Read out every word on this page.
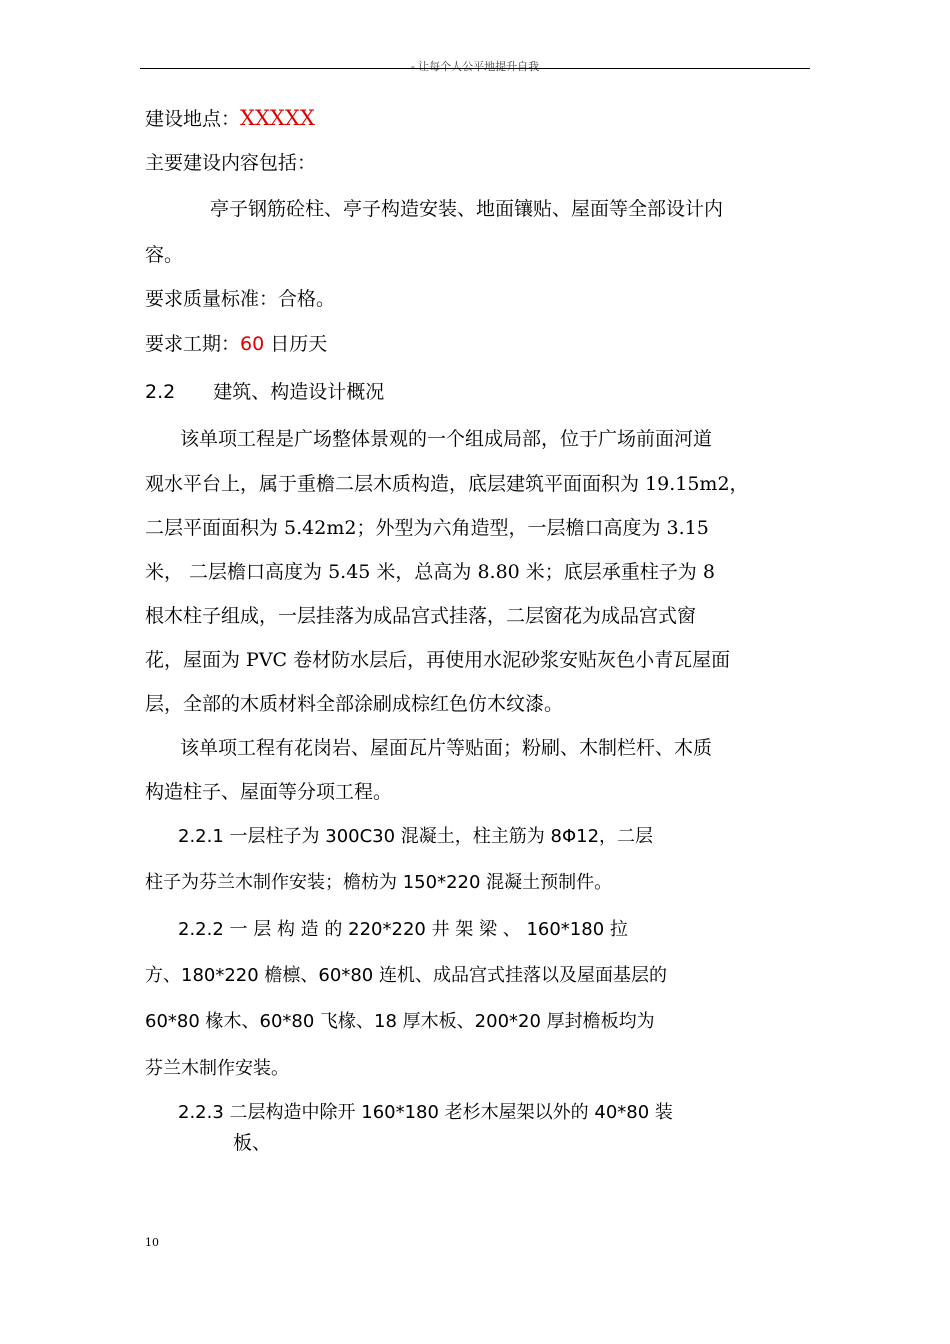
- 让每个人公平地提升自我
建设地点：XXXXX
主要建设内容包括：
亭子钢筋砼柱、亭子构造安装、地面镶贴、屋面等全部设计内
容。
要求质量标准：合格。
要求工期：60 日历天
2.2 建筑、构造设计概况
该单项工程是广场整体景观的一个组成局部，位于广场前面河道
观水平台上，属于重檐二层木质构造，底层建筑平面面积为 19.15m2，
二层平面面积为 5.42m2；外型为六角造型，一层檐口高度为 3.15
米， 二层檐口高度为 5.45 米，总高为 8.80 米；底层承重柱子为 8
根木柱子组成，一层挂落为成品宫式挂落，二层窗花为成品宫式窗
花，屋面为 PVC 卷材防水层后，再使用水泥砂浆安贴灰色小青瓦屋面
层，全部的木质材料全部涂刷成棕红色仿木纹漆。
该单项工程有花岗岩、屋面瓦片等贴面；粉刷、木制栏杆、木质
构造柱子、屋面等分项工程。
2.2.1 一层柱子为 300C30 混凝土，柱主筋为 8Φ12，二层
柱子为芬兰木制作安装；檐枋为 150*220 混凝土预制件。
2.2.2 一 层 构 造 的 220*220 井 架 梁 、 160*180 拉
方、180*220 檐檩、60*80 连机、成品宫式挂落以及屋面基层的
60*80 椽木、60*80 飞椽、18 厚木板、200*20 厚封檐板均为
芬兰木制作安装。
2.2.3 二层构造中除开 160*180 老杉木屋架以外的 40*80 装
板、
10
